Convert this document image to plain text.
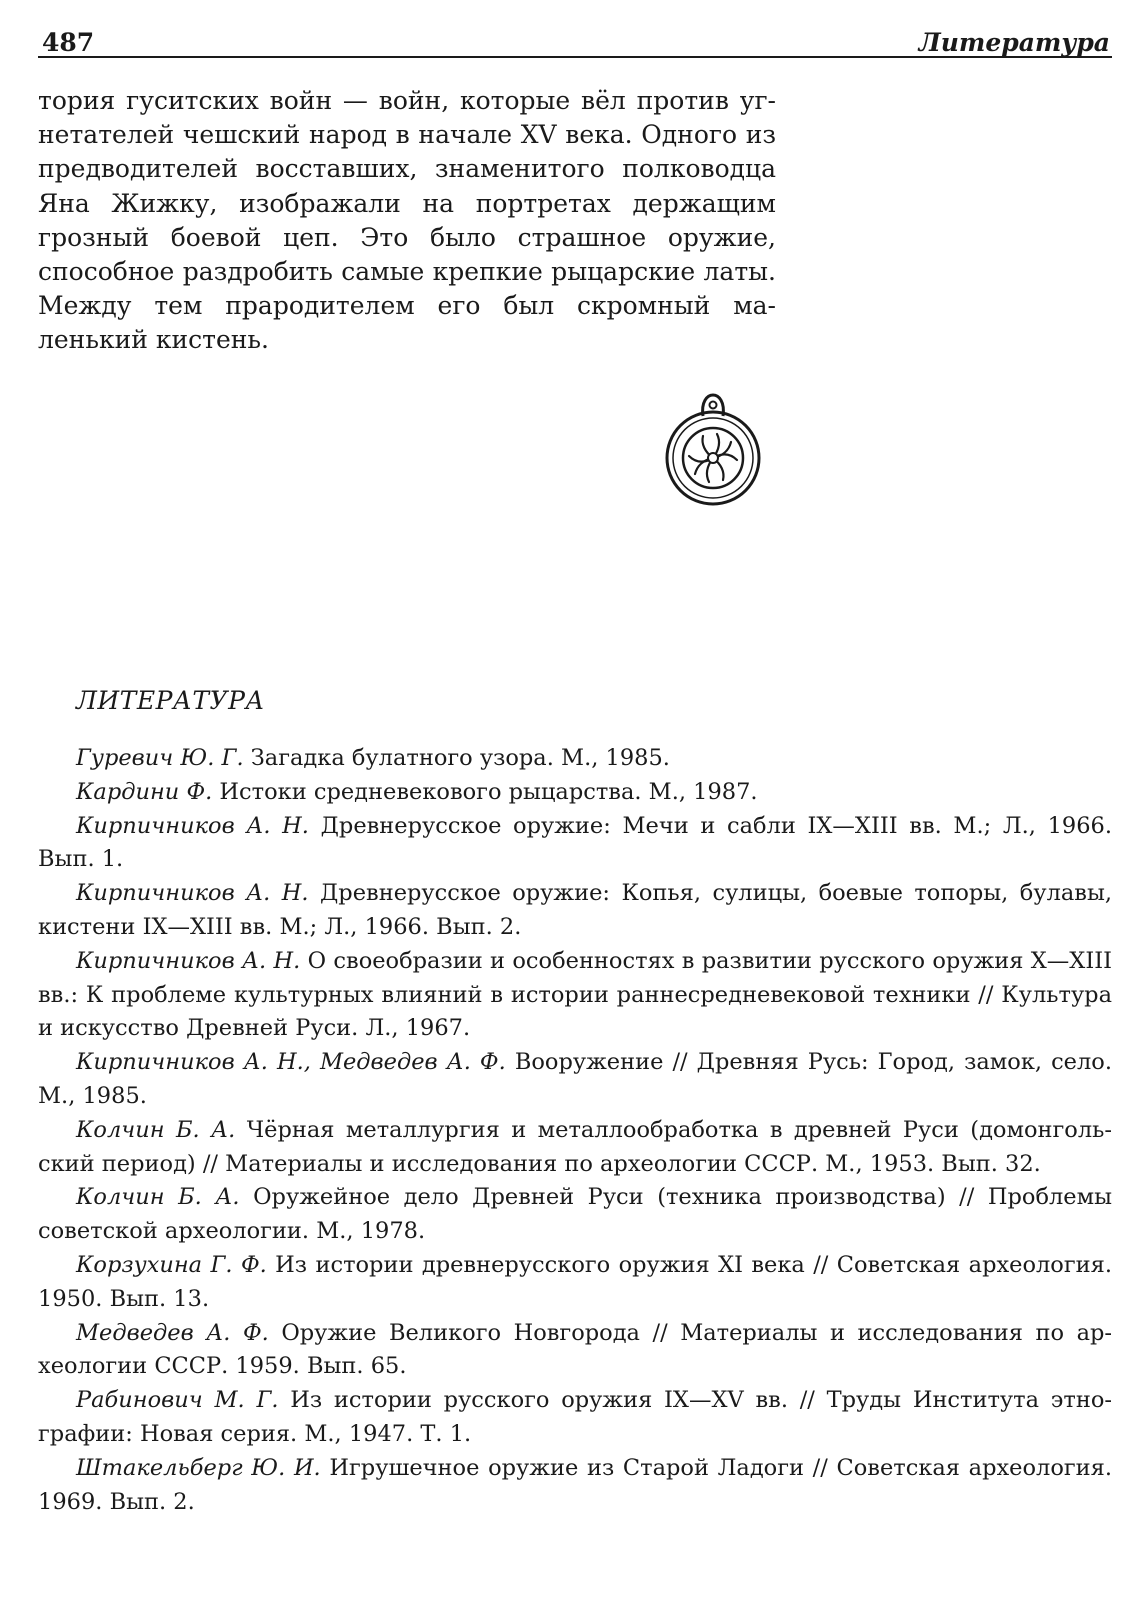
487	Литература

тория гуситских войн — войн, которые вёл против угнетателей чешский народ в начале XV века. Одного из предводителей восставших, знаменитого полководца Яна Жижку, изображали на портретах держащим грозный боевой цеп. Это было страшное оружие, способное раздробить самые крепкие рыцарские латы. Между тем прародителем его был скромный маленький кистень.

ЛИТЕРАТУРА

Гуревич Ю. Г. Загадка булатного узора. М., 1985.

Кардини Ф. Истоки средневекового рыцарства. М., 1987.

Кирпичников А. Н. Древнерусское оружие: Мечи и сабли IX—XIII вв. М.; Л., 1966. Вып. 1.

Кирпичников А. Н. Древнерусское оружие: Копья, сулицы, боевые топоры, булавы, кистени IX—XIII вв. М.; Л., 1966. Вып. 2.

Кирпичников А. Н. О своеобразии и особенностях в развитии русского оружия X—XIII вв.: К проблеме культурных влияний в истории раннесредневековой техники // Культура и искусство Древней Руси. Л., 1967.

Кирпичников А. Н., Медведев А. Ф. Вооружение // Древняя Русь: Город, замок, село. М., 1985.

Колчин Б. А. Чёрная металлургия и металлообработка в древней Руси (домонгольский период) // Материалы и исследования по археологии СССР. М., 1953. Вып. 32.

Колчин Б. А. Оружейное дело Древней Руси (техника производства) // Проблемы советской археологии. М., 1978.

Корзухина Г. Ф. Из истории древнерусского оружия XI века // Советская археология. 1950. Вып. 13.

Медведев А. Ф. Оружие Великого Новгорода // Материалы и исследования по археологии СССР. 1959. Вып. 65.

Рабинович М. Г. Из истории русского оружия IX—XV вв. // Труды Института этнографии: Новая серия. М., 1947. Т. 1.

Штакельберг Ю. И. Игрушечное оружие из Старой Ладоги // Советская археология. 1969. Вып. 2.
